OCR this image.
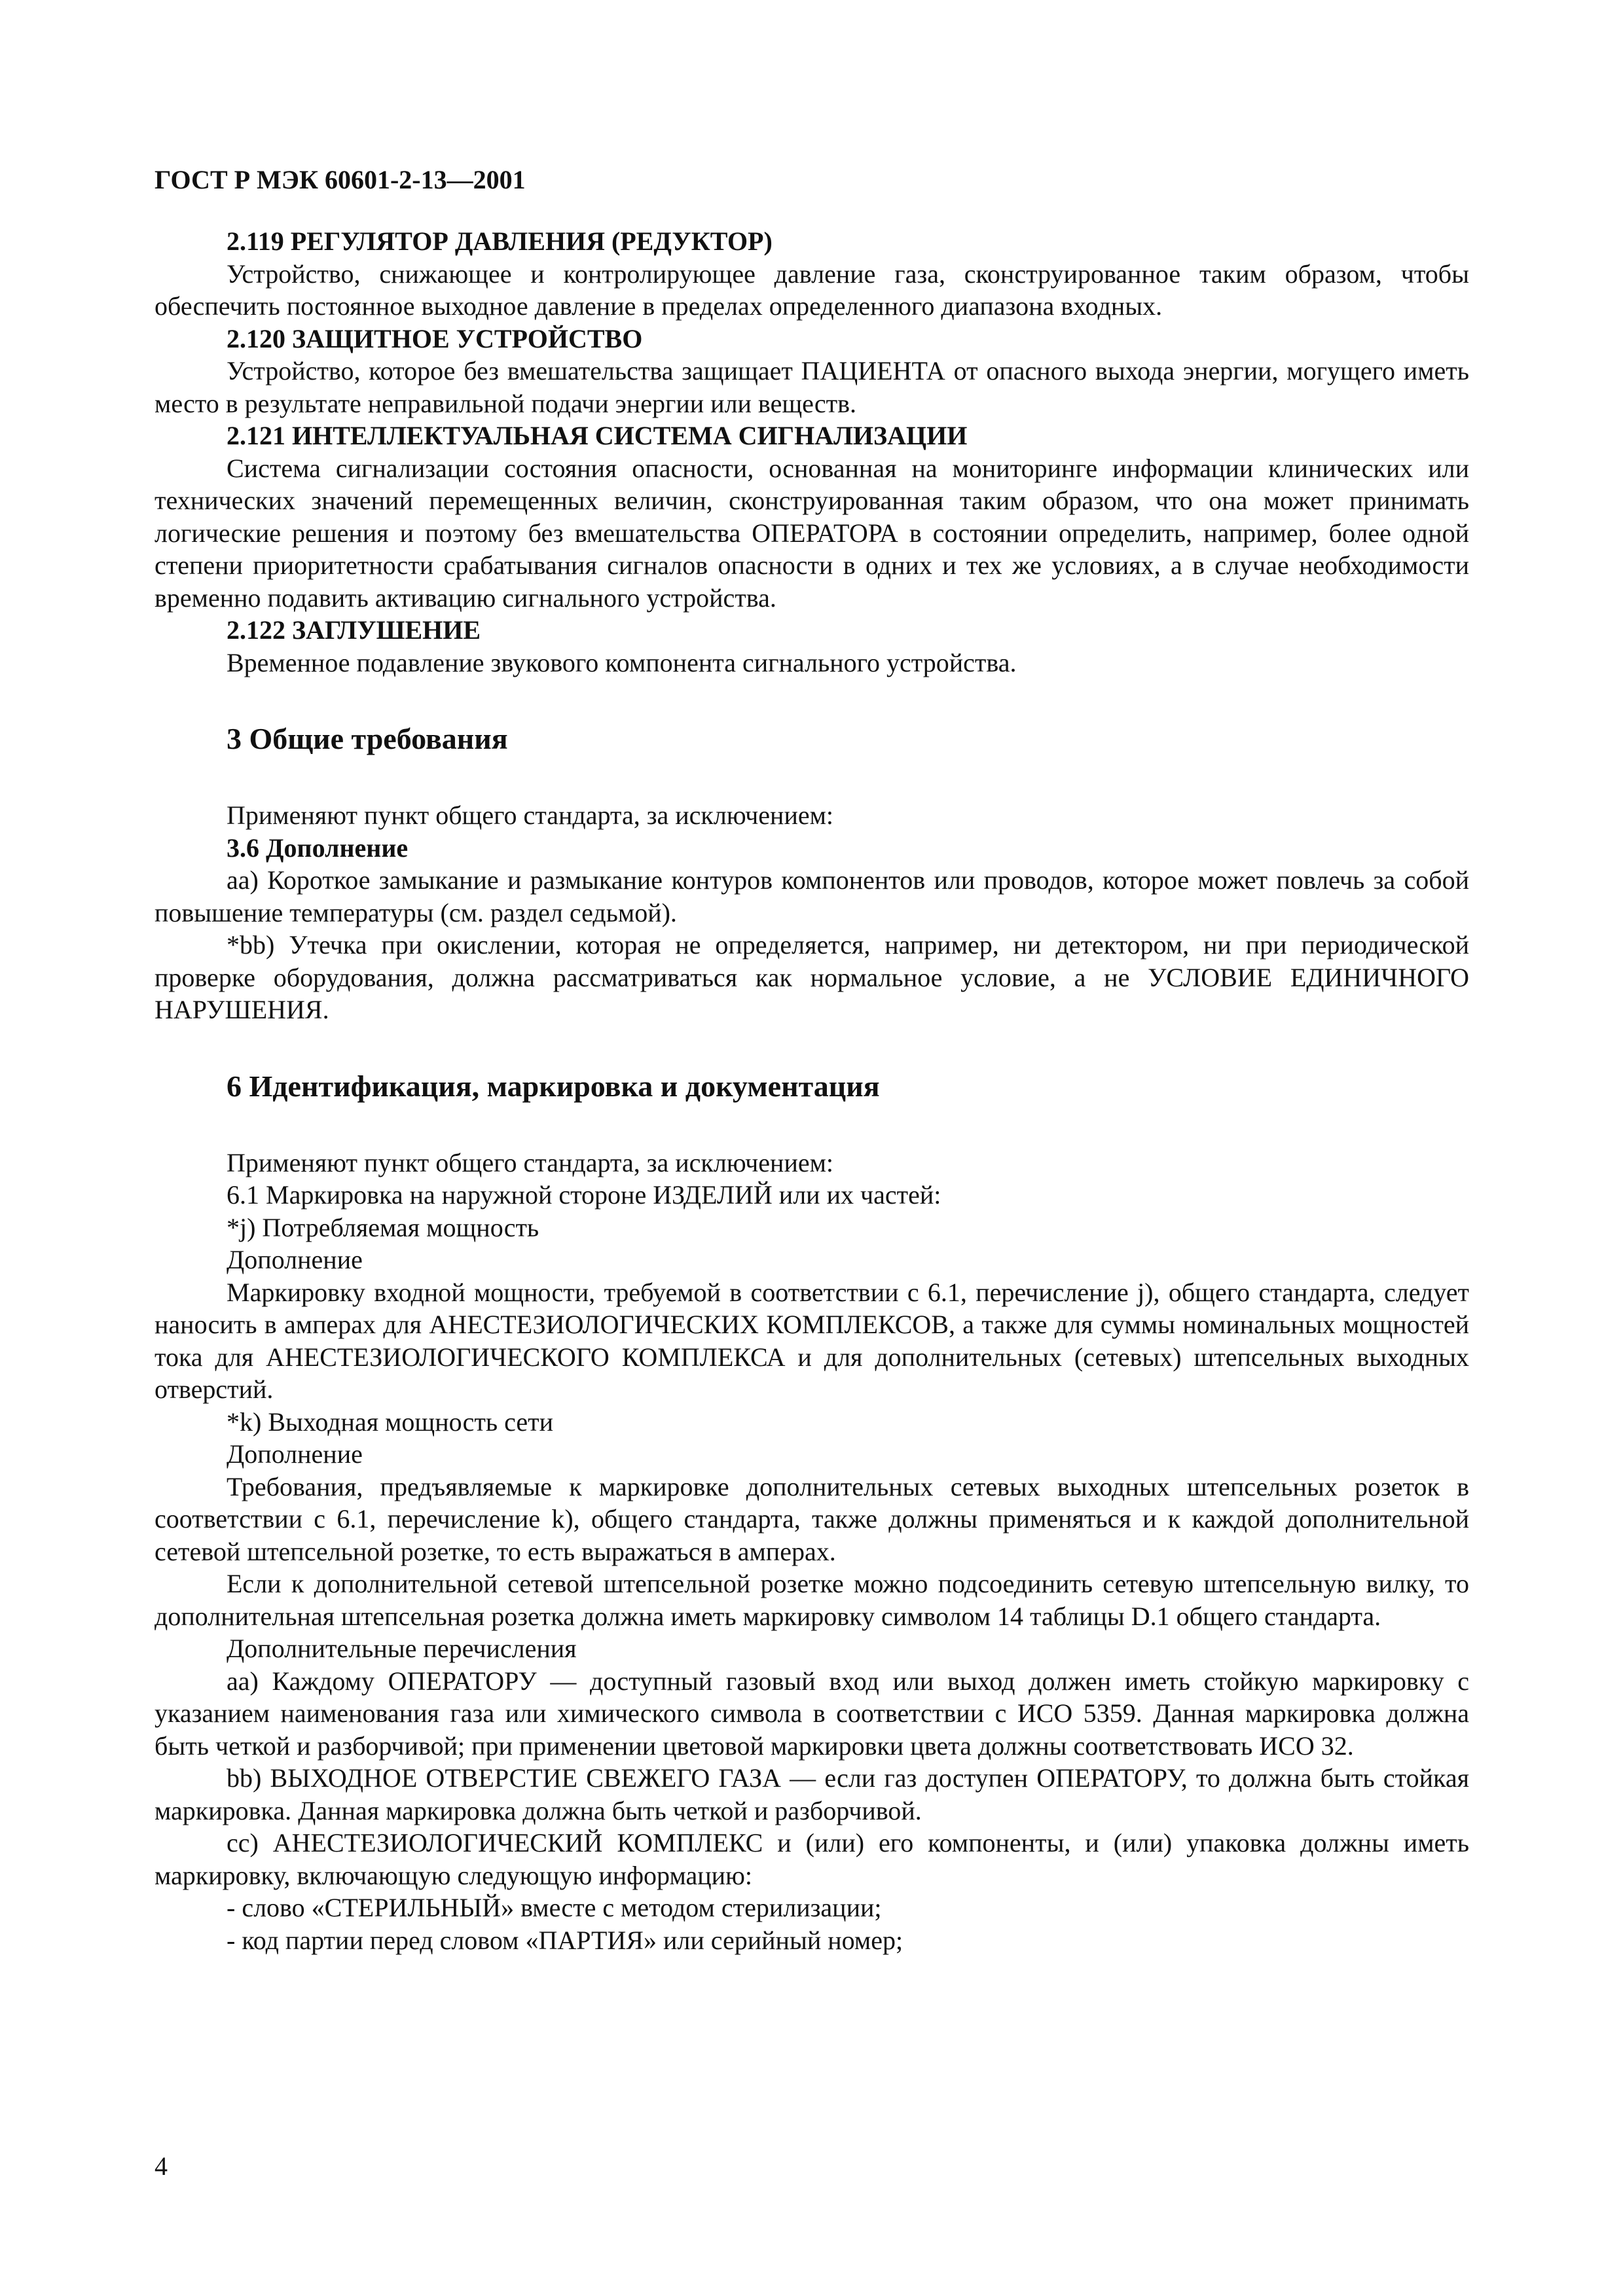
ГОСТ Р МЭК 60601-2-13—2001

2.119 РЕГУЛЯТОР ДАВЛЕНИЯ (РЕДУКТОР)

Устройство, снижающее и контролирующее давление газа, сконструированное таким образом, чтобы обеспечить постоянное выходное давление в пределах определенного диапазона входных.

2.120 ЗАЩИТНОЕ УСТРОЙСТВО

Устройство, которое без вмешательства защищает ПАЦИЕНТА от опасного выхода энергии, могущего иметь место в результате неправильной подачи энергии или веществ.

2.121 ИНТЕЛЛЕКТУАЛЬНАЯ СИСТЕМА СИГНАЛИЗАЦИИ

Система сигнализации состояния опасности, основанная на мониторинге информации клинических или технических значений перемещенных величин, сконструированная таким образом, что она может принимать логические решения и поэтому без вмешательства ОПЕРАТОРА в состоянии определить, например, более одной степени приоритетности срабатывания сигналов опасности в одних и тех же условиях, а в случае необходимости временно подавить активацию сигнального устройства.

2.122 ЗАГЛУШЕНИЕ

Временное подавление звукового компонента сигнального устройства.

3 Общие требования

Применяют пункт общего стандарта, за исключением:

3.6 Дополнение

аа) Короткое замыкание и размыкание контуров компонентов или проводов, которое может повлечь за собой повышение температуры (см. раздел седьмой).

*bb) Утечка при окислении, которая не определяется, например, ни детектором, ни при периодической проверке оборудования, должна рассматриваться как нормальное условие, а не УСЛОВИЕ ЕДИНИЧНОГО НАРУШЕНИЯ.

6 Идентификация, маркировка и документация

Применяют пункт общего стандарта, за исключением:

6.1 Маркировка на наружной стороне ИЗДЕЛИЙ или их частей:

*j) Потребляемая мощность

Дополнение

Маркировку входной мощности, требуемой в соответствии с 6.1, перечисление j), общего стандарта, следует наносить в амперах для АНЕСТЕЗИОЛОГИЧЕСКИХ КОМПЛЕКСОВ, а также для суммы номинальных мощностей тока для АНЕСТЕЗИОЛОГИЧЕСКОГО КОМПЛЕКСА и для дополнительных (сетевых) штепсельных выходных отверстий.

*k) Выходная мощность сети

Дополнение

Требования, предъявляемые к маркировке дополнительных сетевых выходных штепсельных розеток в соответствии с 6.1, перечисление k), общего стандарта, также должны применяться и к каждой дополнительной сетевой штепсельной розетке, то есть выражаться в амперах.

Если к дополнительной сетевой штепсельной розетке можно подсоединить сетевую штепсельную вилку, то дополнительная штепсельная розетка должна иметь маркировку символом 14 таблицы D.1 общего стандарта.

Дополнительные перечисления

аа) Каждому ОПЕРАТОРУ — доступный газовый вход или выход должен иметь стойкую маркировку с указанием наименования газа или химического символа в соответствии с ИСО 5359. Данная маркировка должна быть четкой и разборчивой; при применении цветовой маркировки цвета должны соответствовать ИСО 32.

bb) ВЫХОДНОЕ ОТВЕРСТИЕ СВЕЖЕГО ГАЗА — если газ доступен ОПЕРАТОРУ, то должна быть стойкая маркировка. Данная маркировка должна быть четкой и разборчивой.

сс) АНЕСТЕЗИОЛОГИЧЕСКИЙ КОМПЛЕКС и (или) его компоненты, и (или) упаковка должны иметь маркировку, включающую следующую информацию:

- слово «СТЕРИЛЬНЫЙ» вместе с методом стерилизации;

- код партии перед словом «ПАРТИЯ» или серийный номер;

4
